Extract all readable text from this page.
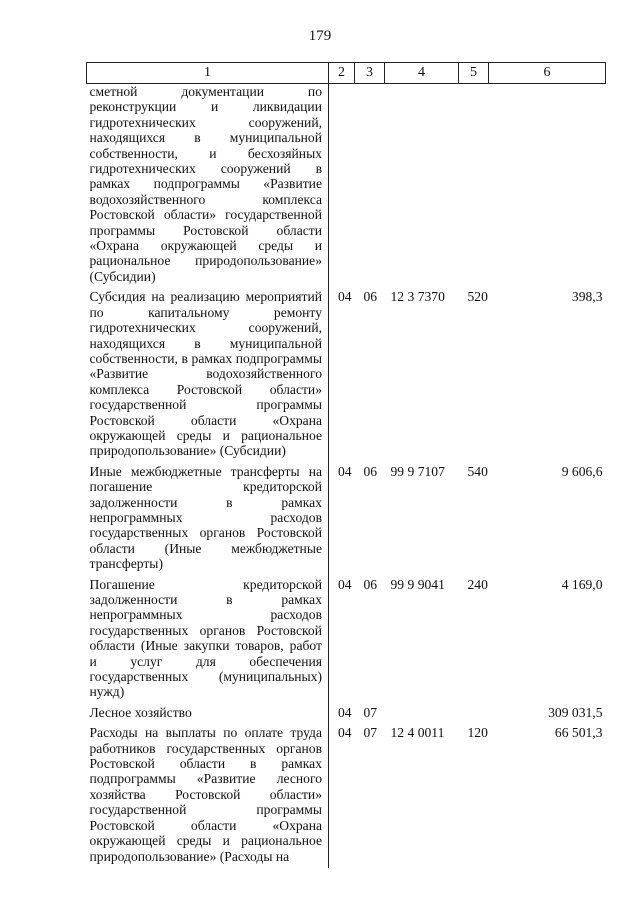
179
1	2	3	4	5	6
сметной документации по реконструкции и ликвидации гидротехнических сооружений, находящихся в муниципальной собственности, и бесхозяйных гидротехнических сооружений в рамках подпрограммы «Развитие водохозяйственного комплекса Ростовской области» государственной программы Ростовской области «Охрана окружающей среды и рациональное природопользование» (Субсидии)					
Субсидия на реализацию мероприятий по капитальному ремонту гидротехнических сооружений, находящихся в муниципальной собственности, в рамках подпрограммы «Развитие водохозяйственного комплекса Ростовской области» государственной программы Ростовской области «Охрана окружающей среды и рациональное природопользование» (Субсидии)	04	06	12 3 7370	520	398,3
Иные межбюджетные трансферты на погашение кредиторской задолженности в рамках непрограммных расходов государственных органов Ростовской области (Иные межбюджетные трансферты)	04	06	99 9 7107	540	9 606,6
Погашение кредиторской задолженности в рамках непрограммных расходов государственных органов Ростовской области (Иные закупки товаров, работ и услуг для обеспечения государственных (муниципальных) нужд)	04	06	99 9 9041	240	4 169,0
Лесное хозяйство	04	07			309 031,5
Расходы на выплаты по оплате труда работников государственных органов Ростовской области в рамках подпрограммы «Развитие лесного хозяйства Ростовской области» государственной программы Ростовской области «Охрана окружающей среды и рациональное природопользование» (Расходы на	04	07	12 4 0011	120	66 501,3
